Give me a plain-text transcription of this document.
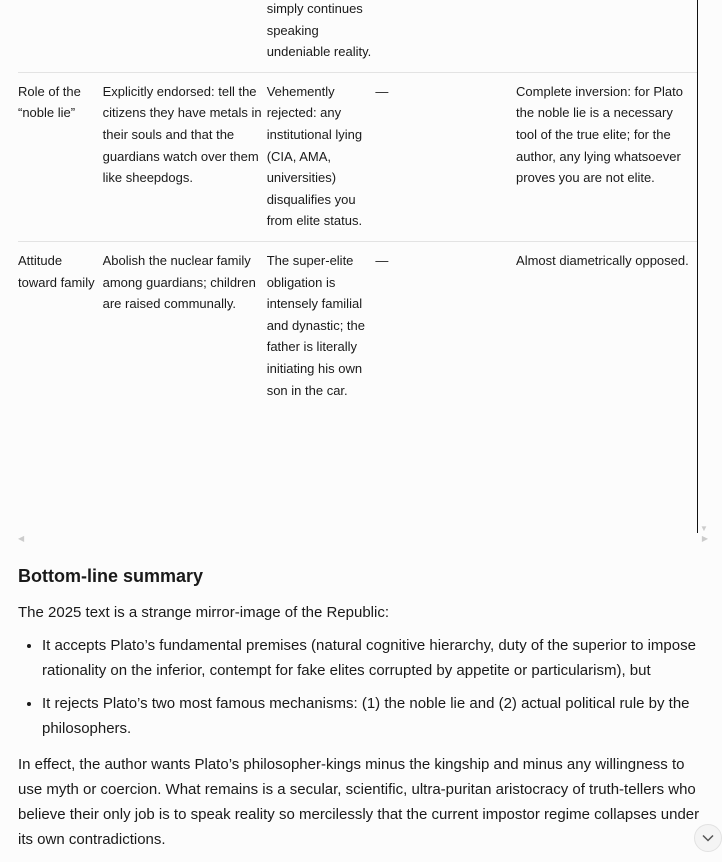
		simply continues speaking undeniable reality.		
Role of the “noble lie”	Explicitly endorsed: tell the citizens they have metals in their souls and that the guardians watch over them like sheepdogs.	Vehemently rejected: any institutional lying (CIA, AMA, universities) disqualifies you from elite status.	—	Complete inversion: for Plato the noble lie is a necessary tool of the true elite; for the author, any lying whatsoever proves you are not elite.
Attitude toward family	Abolish the nuclear family among guardians; children are raised communally.	The super-elite obligation is intensely familial and dynastic; the father is literally initiating his own son in the car.	—	Almost diametrically opposed.
◀	▶
▼
Bottom-line summary

The 2025 text is a strange mirror-image of the Republic:

• It accepts Plato’s fundamental premises (natural cognitive hierarchy, duty of the superior to impose rationality on the inferior, contempt for fake elites corrupted by appetite or particularism), but
• It rejects Plato’s two most famous mechanisms: (1) the noble lie and (2) actual political rule by the philosophers.

In effect, the author wants Plato’s philosopher-kings minus the kingship and minus any willingness to use myth or coercion. What remains is a secular, scientific, ultra-puritan aristocracy of truth-tellers who believe their only job is to speak reality so mercilessly that the current impostor regime collapses under its own contradictions.
